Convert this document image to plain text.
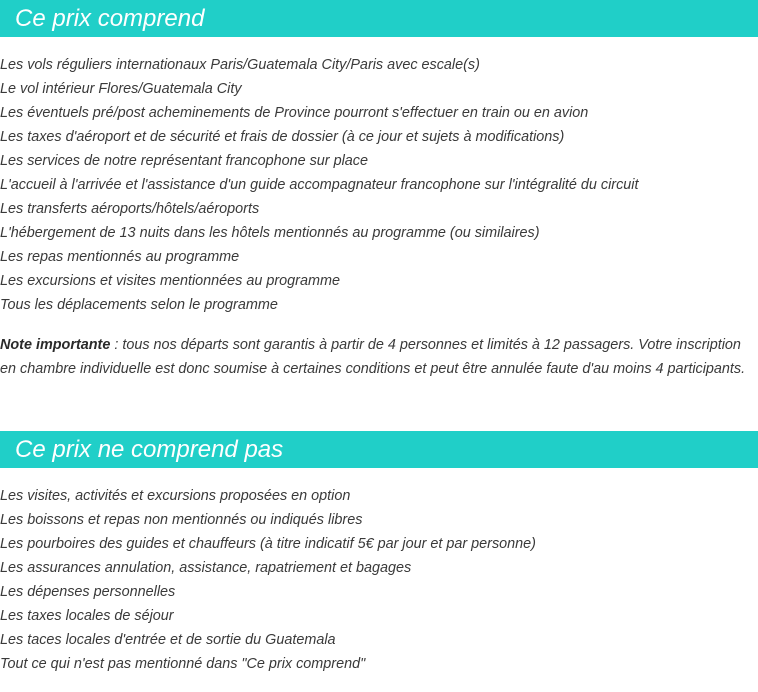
Ce prix comprend
Les vols réguliers internationaux Paris/Guatemala City/Paris avec escale(s)
Le vol intérieur Flores/Guatemala City
Les éventuels pré/post acheminements de Province pourront s'effectuer en train ou en avion
Les taxes d'aéroport et de sécurité et frais de dossier (à ce jour et sujets à modifications)
Les services de notre représentant francophone sur place
L'accueil à l'arrivée et l'assistance d'un guide accompagnateur francophone sur l'intégralité du circuit
Les transferts aéroports/hôtels/aéroports
L'hébergement de 13 nuits dans les hôtels mentionnés au programme (ou similaires)
Les repas mentionnés au programme
Les excursions et visites mentionnées au programme
Tous les déplacements selon le programme

Note importante : tous nos départs sont garantis à partir de 4 personnes et limités à 12 passagers. Votre inscription en chambre individuelle est donc soumise à certaines conditions et peut être annulée faute d'au moins 4 participants.

Ce prix ne comprend pas
Les visites, activités et excursions proposées en option
Les boissons et repas non mentionnés ou indiqués libres
Les pourboires des guides et chauffeurs (à titre indicatif 5€ par jour et par personne)
Les assurances annulation, assistance, rapatriement et bagages
Les dépenses personnelles
Les taxes locales de séjour
Les taces locales d'entrée et de sortie du Guatemala
Tout ce qui n'est pas mentionné dans "Ce prix comprend"
